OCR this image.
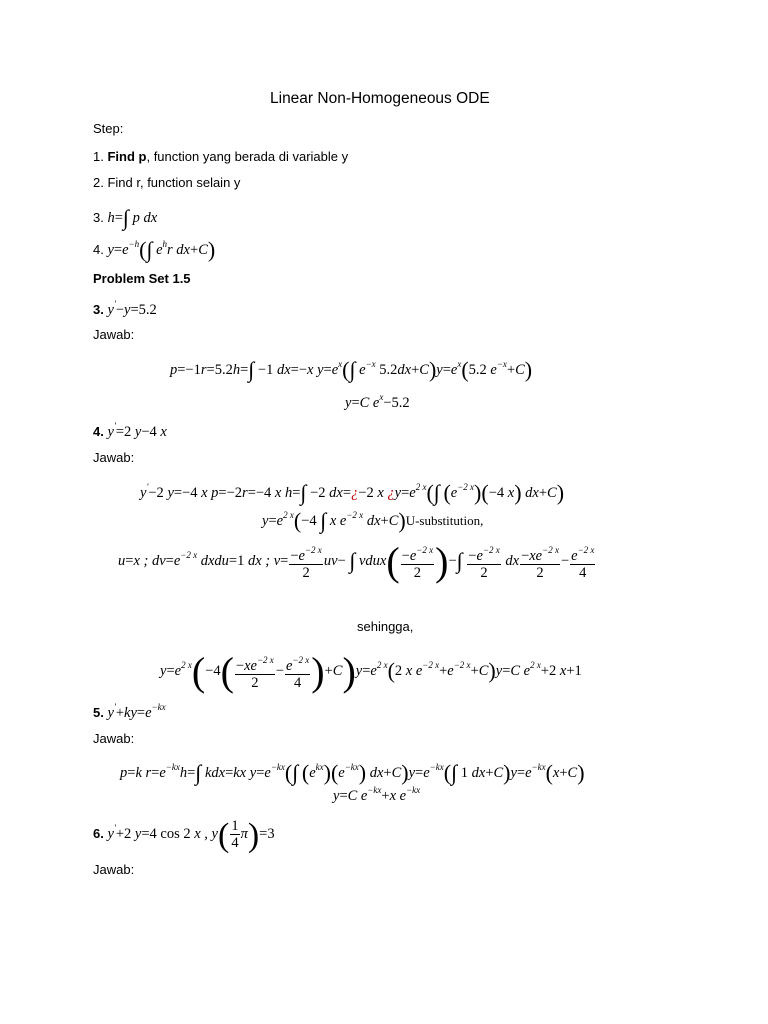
Linear Non-Homogeneous ODE
Step:
1. Find p, function yang berada di variable y
2. Find r, function selain y
3. h=∫ p dx
4. $y=e^{-h}(\int$ $e^hr$ dx+C)
Problem Set 1.5
3. y'−y=5.2
Jawab:
p=−1r=5.2h=∫ −1 dx=−x $y=e^x(\int$ $e^{-x}$ $5.2dx+C)y=e^x(5.2$ $e^{-x}+C$)
y=C $e^x-5.2$
4. y'=2 y−4 x
Jawab:
y'−2 y=−4 x p=−2r=−4 x h=∫ −2 dx=¿−2 x ¿$y=e^{2 x}(\int$ $(e^{-2 x})(-4$ x) dx+C)
$y=e^{2 x}(-4$ ∫ x $e^{-2 x}$ dx+C)U-substitution,
u=x ; $dv=e^{-2 x}$ dxdu=1 dx ; $v= \frac{-e^{-2 x}}{2} uv-$ ∫ vdux( $\frac{-e^{-2 x}}{2}$ )−∫ $\frac{-e^{-2 x}}{2}$ dx $\frac{-xe^{-2 x}}{2} - \frac{e^{-2 x}}{4}$
sehingga,
$y=e^{2 x}(-4( \frac{-xe^{-2 x}}{2} - \frac{e^{-2 x}}{4} )+C)y=e^{2 x}(2$ x $e^{-2 x}+e^{-2 x}+C)y=C$ $e^{2 x}+2$ x+1
5. $y'+ky=e^{-kx}$
Jawab:
p=k $r=e^{-kx}h=\int$ kdx=kx $y=e^{-kx}(\int$ $(e^{kx})(e^{-kx})$ $dx+C)y=e^{-kx}(\int$ 1 $dx+C)y=e^{-kx}(x+C)$
y=C $e^{-kx}+x$ $e^{-kx}$
6. y'+2 y=4 cos 2 x , $y( \frac{1}{4} \pi)=3$
Jawab:
